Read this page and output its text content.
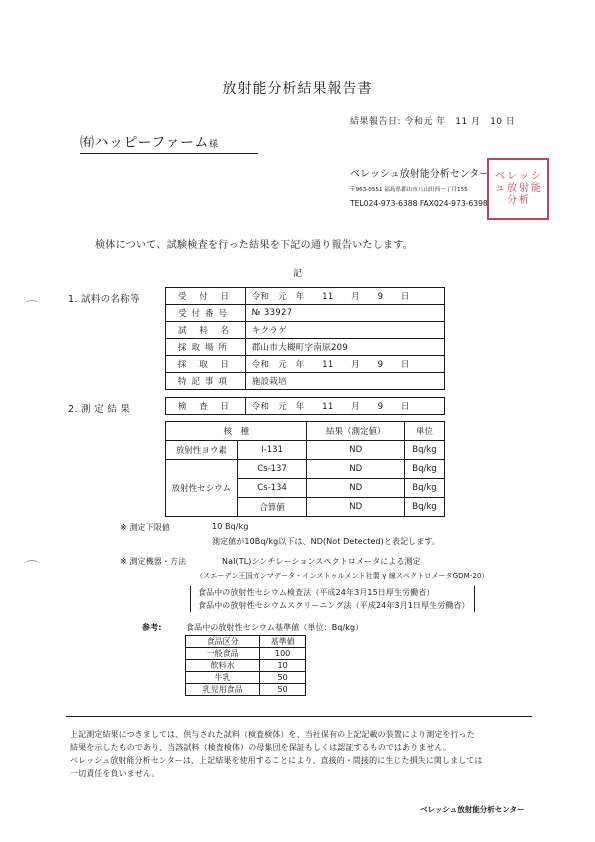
放射能分析結果報告書
結果報告日: 令和元 年　11 月　10 日
㈲ハッピーファーム様
ベレッシュ放射能分析センター
〒963-0551 福島県郡山市八山田西一丁目155
TEL024-973-6388 FAX024-973-6398
ベ レ ッ シ
ュ 放 射 能
分 析
検体について、試験検査を行った結果を下記の通り報告いたします。
記
1. 試料の名称等	受 付 日	令和　元　年　　11　　月　　9　　日
受付番号	№ 33927
試 料 名	キクラゲ
採取場所	郡山市大槻町字南原209
採 取 日	令和　元　年　　11　　月　　9　　日
特記事項	施設栽培
2. 測 定 結 果	検 査 日	令和　元　年　　11　　月　　9　　日
核　種		結果（測定値）	単位
放射性ヨウ素	I-131	ND	Bq/kg
放射性セシウム	Cs-137	ND	Bq/kg
	Cs-134	ND	Bq/kg
	合算値	ND	Bq/kg
※ 測定下限値	10 Bq/kg
測定値が10Bq/kg以下は、ND(Not Detected)と表記します。
※ 測定機器・方法	NaI(TL)シンチレーションスペクトロメータによる測定
（スエーデン王国ガンマデータ・インストゥルメント社製 γ 線スペクトロメータGDM-20）
食品中の放射性セシウム検査法（平成24年3月15日厚生労働省）
食品中の放射性セシウムスクリーニング法（平成24年3月1日厚生労働省）
参考:	食品中の放射性セシウム基準値（単位：Bq/kg）
食品区分	基準値
一般食品	100
飲料水	10
牛乳	50
乳児用食品	50
上記測定結果につきましては、供与された試料（検査検体）を、当社保有の上記記載の装置により測定を行った
結果を示したものであり、当該試料（検査検体）の母集団を保証もしくは認証するものではありません。
ベレッシュ放射能分析センターは、上記結果を使用することにより、直接的・間接的に生じた損失に関しましては
一切責任を負いません。
ベレッシュ放射能分析センター
